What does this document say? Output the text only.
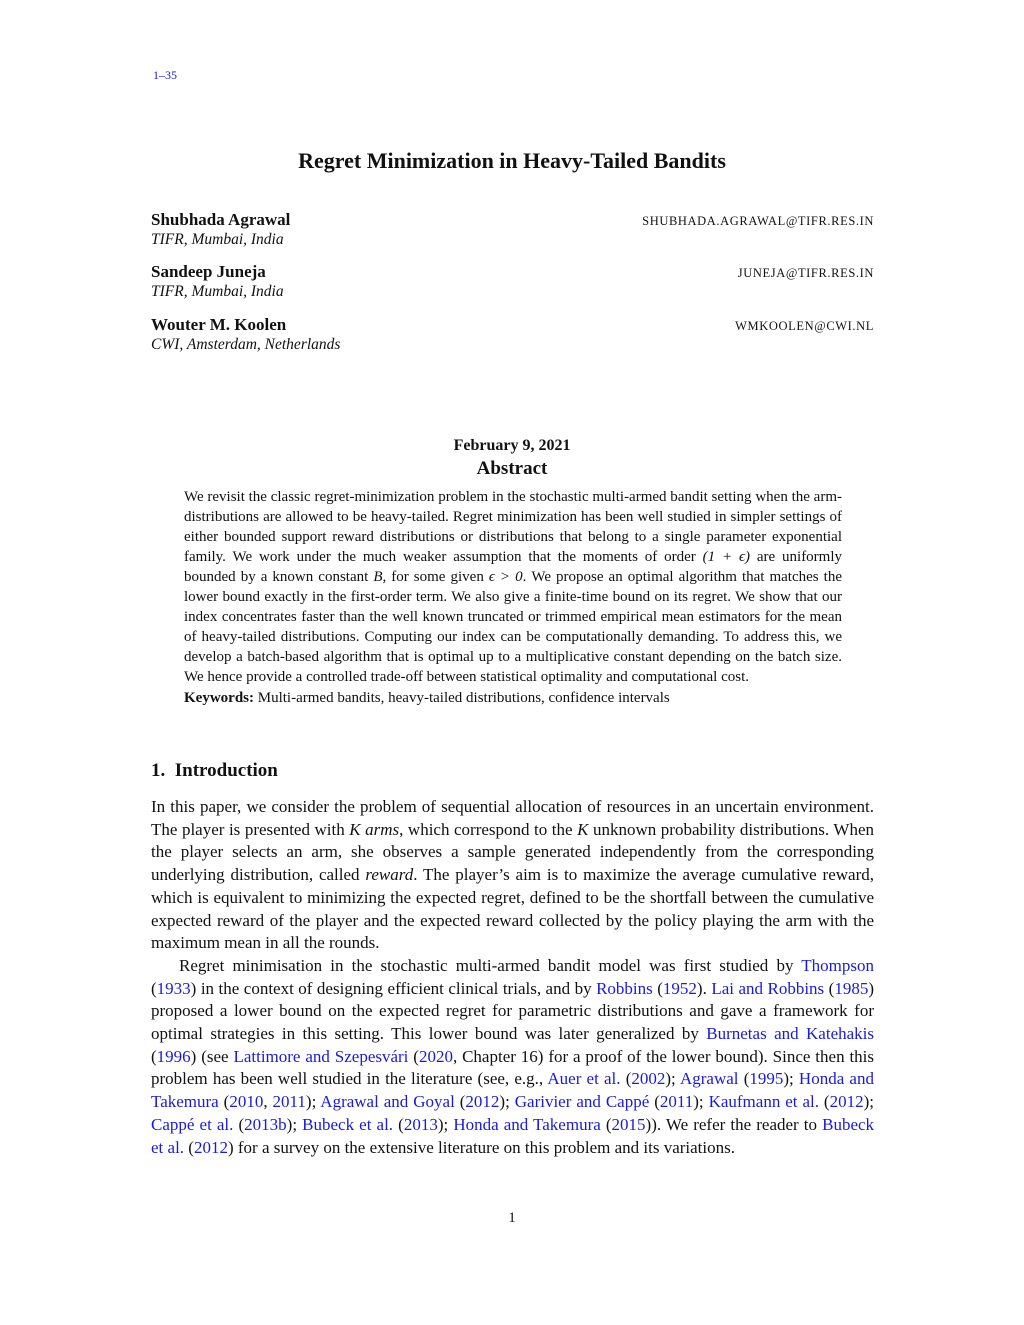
1–35
Regret Minimization in Heavy-Tailed Bandits
Shubhada Agrawal	SHUBHADA.AGRAWAL@TIFR.RES.IN
TIFR, Mumbai, India
Sandeep Juneja	JUNEJA@TIFR.RES.IN
TIFR, Mumbai, India
Wouter M. Koolen	WMKOOLEN@CWI.NL
CWI, Amsterdam, Netherlands
February 9, 2021
Abstract

We revisit the classic regret-minimization problem in the stochastic multi-armed bandit setting when the arm-distributions are allowed to be heavy-tailed. Regret minimization has been well studied in simpler settings of either bounded support reward distributions or distributions that belong to a single parameter exponential family. We work under the much weaker assumption that the moments of order (1 + ϵ) are uniformly bounded by a known constant B, for some given ϵ > 0. We propose an optimal algorithm that matches the lower bound exactly in the first-order term. We also give a finite-time bound on its regret. We show that our index concentrates faster than the well known truncated or trimmed empirical mean estimators for the mean of heavy-tailed distributions. Computing our index can be computationally demanding. To address this, we develop a batch-based algorithm that is optimal up to a multiplicative constant depending on the batch size. We hence provide a controlled trade-off between statistical optimality and computational cost.

Keywords: Multi-armed bandits, heavy-tailed distributions, confidence intervals

1. Introduction

In this paper, we consider the problem of sequential allocation of resources in an uncertain environment. The player is presented with K arms, which correspond to the K unknown probability distributions. When the player selects an arm, she observes a sample generated independently from the corresponding underlying distribution, called reward. The player’s aim is to maximize the average cumulative reward, which is equivalent to minimizing the expected regret, defined to be the shortfall between the cumulative expected reward of the player and the expected reward collected by the policy playing the arm with the maximum mean in all the rounds.

Regret minimisation in the stochastic multi-armed bandit model was first studied by Thompson (1933) in the context of designing efficient clinical trials, and by Robbins (1952). Lai and Robbins (1985) proposed a lower bound on the expected regret for parametric distributions and gave a framework for optimal strategies in this setting. This lower bound was later generalized by Burnetas and Katehakis (1996) (see Lattimore and Szepesvári (2020, Chapter 16) for a proof of the lower bound). Since then this problem has been well studied in the literature (see, e.g., Auer et al. (2002); Agrawal (1995); Honda and Takemura (2010, 2011); Agrawal and Goyal (2012); Garivier and Cappé (2011); Kaufmann et al. (2012); Cappé et al. (2013b); Bubeck et al. (2013); Honda and Takemura (2015)). We refer the reader to Bubeck et al. (2012) for a survey on the extensive literature on this problem and its variations.

1
